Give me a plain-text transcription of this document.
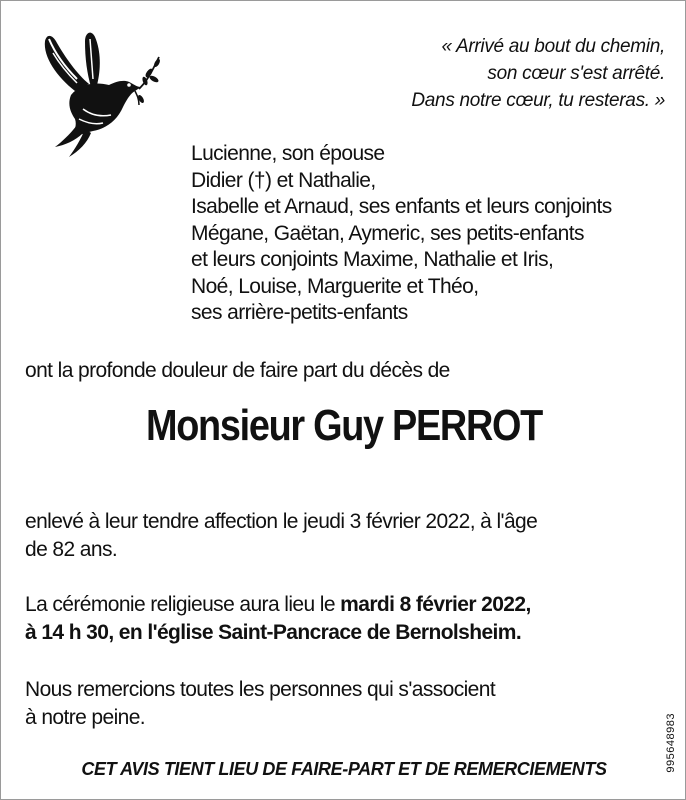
« Arrivé au bout du chemin,
son cœur s'est arrêté.
Dans notre cœur, tu resteras. »
Lucienne, son épouse
Didier (†) et Nathalie,
Isabelle et Arnaud, ses enfants et leurs conjoints
Mégane, Gaëtan, Aymeric, ses petits-enfants
et leurs conjoints Maxime, Nathalie et Iris,
Noé, Louise, Marguerite et Théo,
ses arrière-petits-enfants
ont la profonde douleur de faire part du décès de
Monsieur Guy PERROT
enlevé à leur tendre affection le jeudi 3 février 2022, à l'âge
de 82 ans.
La cérémonie religieuse aura lieu le mardi 8 février 2022,
à 14 h 30, en l'église Saint-Pancrace de Bernolsheim.
Nous remercions toutes les personnes qui s'associent
à notre peine.	995648983
CET AVIS TIENT LIEU DE FAIRE-PART ET DE REMERCIEMENTS
